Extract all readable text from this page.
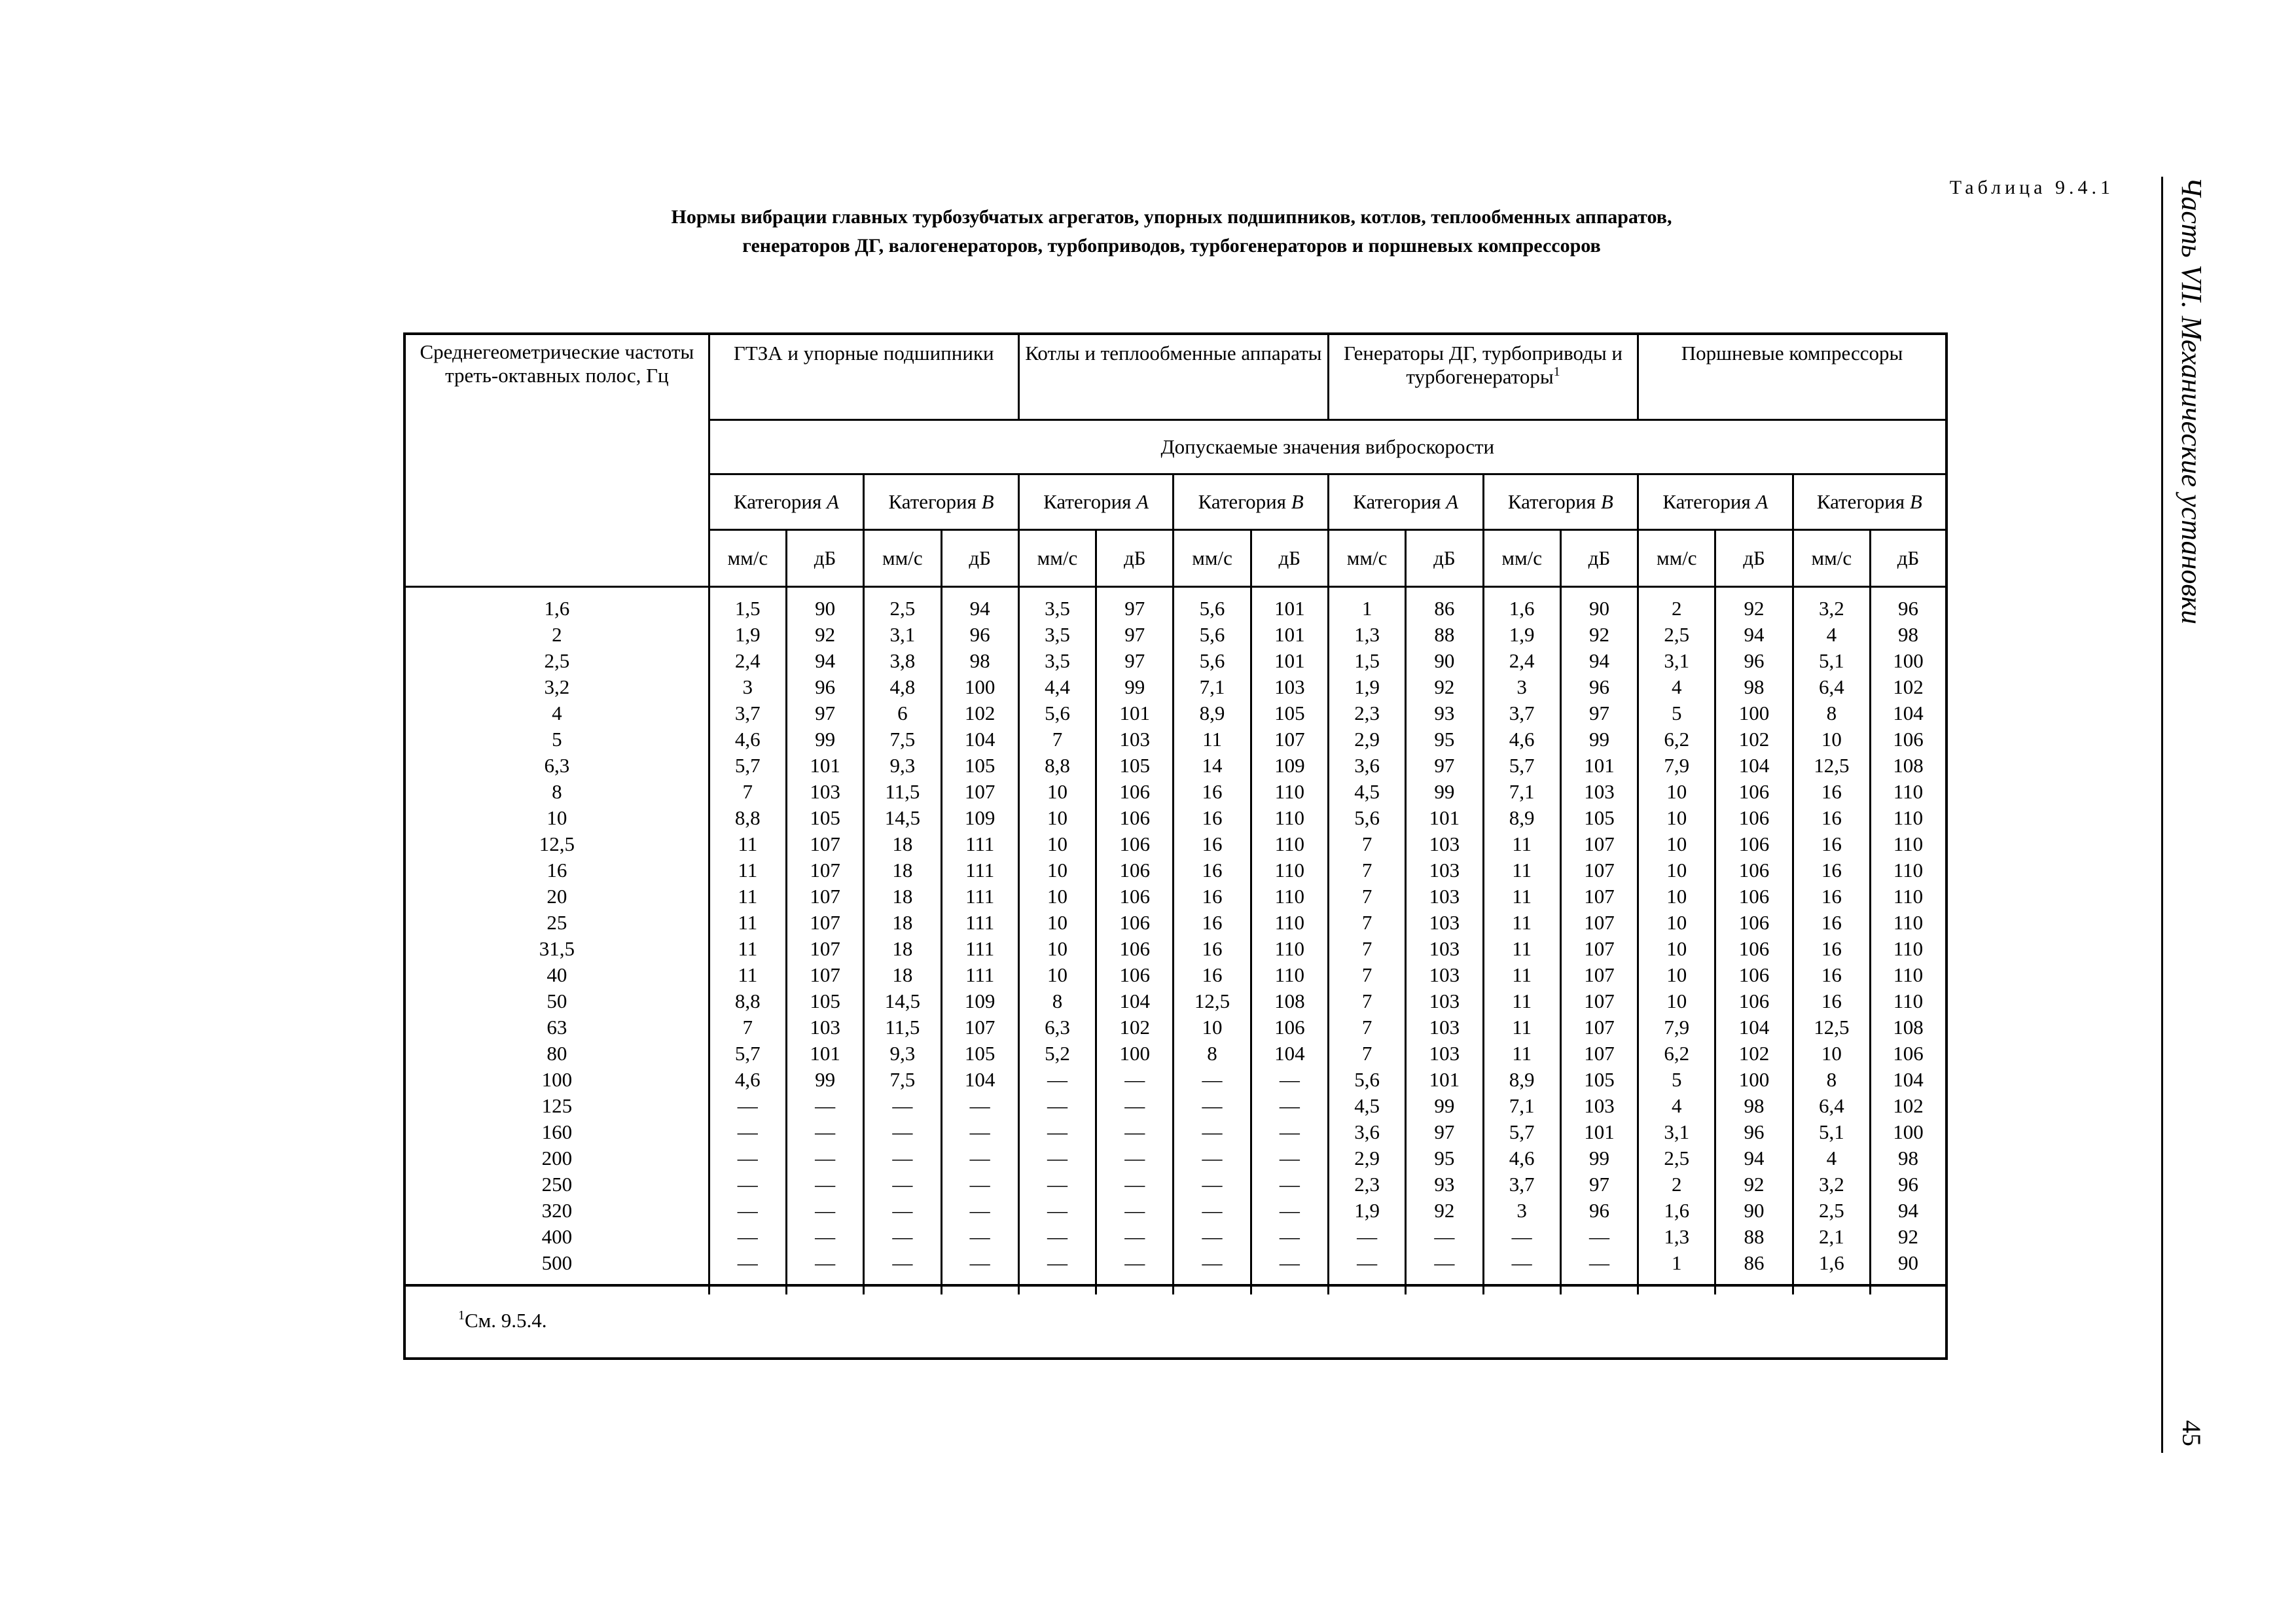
Таблица 9.4.1
Нормы вибрации главных турбозубчатых агрегатов, упорных подшипников, котлов, теплообменных аппаратов,
генераторов ДГ, валогенераторов, турбоприводов, турбогенераторов и поршневых компрессоров
Среднегеометрические частоты треть-октавных полос, Гц	ГТЗА и упорные подшипники				Котлы и теплообменные аппараты				Генераторы ДГ, турбоприводы и турбогенераторы$^1$				Поршневые компрессоры			
	Допускаемые значения виброскорости															
	Категория А		Категория В		Категория А		Категория В		Категория А		Категория В		Категория А		Категория В	
	мм/с	дБ	мм/с	дБ	мм/с	дБ	мм/с	дБ	мм/с	дБ	мм/с	дБ	мм/с	дБ	мм/с	дБ
1,6	1,5	90	2,5	94	3,5	97	5,6	101	1	86	1,6	90	2	92	3,2	96
2	1,9	92	3,1	96	3,5	97	5,6	101	1,3	88	1,9	92	2,5	94	4	98
2,5	2,4	94	3,8	98	3,5	97	5,6	101	1,5	90	2,4	94	3,1	96	5,1	100
3,2	3	96	4,8	100	4,4	99	7,1	103	1,9	92	3	96	4	98	6,4	102
4	3,7	97	6	102	5,6	101	8,9	105	2,3	93	3,7	97	5	100	8	104
5	4,6	99	7,5	104	7	103	11	107	2,9	95	4,6	99	6,2	102	10	106
6,3	5,7	101	9,3	105	8,8	105	14	109	3,6	97	5,7	101	7,9	104	12,5	108
8	7	103	11,5	107	10	106	16	110	4,5	99	7,1	103	10	106	16	110
10	8,8	105	14,5	109	10	106	16	110	5,6	101	8,9	105	10	106	16	110
12,5	11	107	18	111	10	106	16	110	7	103	11	107	10	106	16	110
16	11	107	18	111	10	106	16	110	7	103	11	107	10	106	16	110
20	11	107	18	111	10	106	16	110	7	103	11	107	10	106	16	110
25	11	107	18	111	10	106	16	110	7	103	11	107	10	106	16	110
31,5	11	107	18	111	10	106	16	110	7	103	11	107	10	106	16	110
40	11	107	18	111	10	106	16	110	7	103	11	107	10	106	16	110
50	8,8	105	14,5	109	8	104	12,5	108	7	103	11	107	10	106	16	110
63	7	103	11,5	107	6,3	102	10	106	7	103	11	107	7,9	104	12,5	108
80	5,7	101	9,3	105	5,2	100	8	104	7	103	11	107	6,2	102	10	106
100	4,6	99	7,5	104	—	—	—	—	5,6	101	8,9	105	5	100	8	104
125	—	—	—	—	—	—	—	—	4,5	99	7,1	103	4	98	6,4	102
160	—	—	—	—	—	—	—	—	3,6	97	5,7	101	3,1	96	5,1	100
200	—	—	—	—	—	—	—	—	2,9	95	4,6	99	2,5	94	4	98
250	—	—	—	—	—	—	—	—	2,3	93	3,7	97	2	92	3,2	96
320	—	—	—	—	—	—	—	—	1,9	92	3	96	1,6	90	2,5	94
400	—	—	—	—	—	—	—	—	—	—	—	—	1,3	88	2,1	92
500	—	—	—	—	—	—	—	—	—	—	—	—	1	86	1,6	90
$^1$См. 9.5.4.
Часть VII. Механические установки
45
